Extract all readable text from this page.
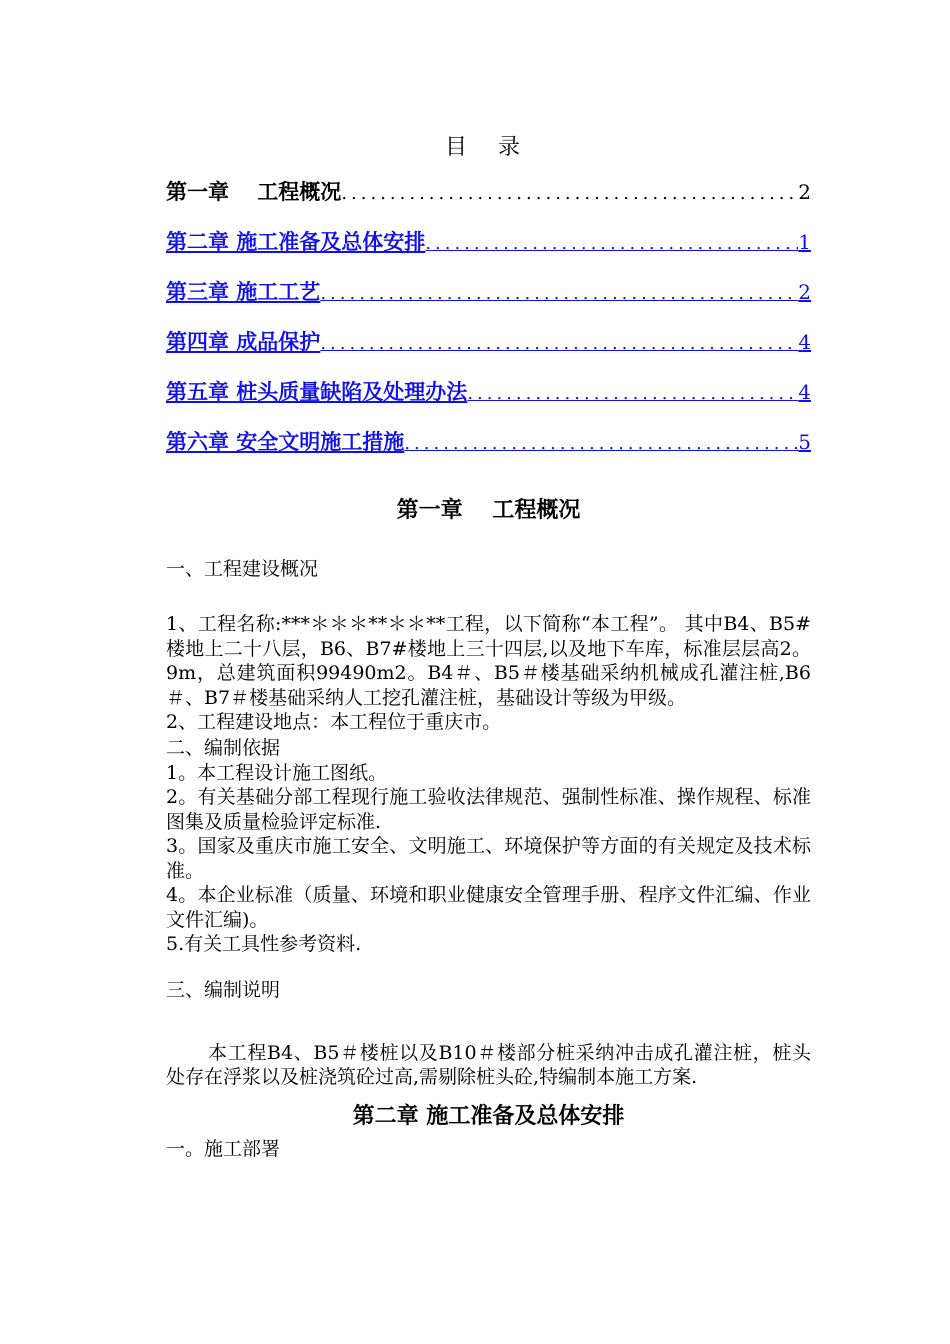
目 录
第一章　 工程概况 .....	2
第二章 施工准备及总体安排 .....	1
第三章 施工工艺 .....	2
第四章 成品保护 .....	4
第五章 桩头质量缺陷及处理办法 .....	4
第六章 安全文明施工措施 .....	5
第一章　 工程概况

一、工程建设概况

1、工程名称:***＊＊＊**＊＊**工程，以下简称“本工程”。 其中B4、B5#楼地上二十八层，B6、B7#楼地上三十四层,以及地下车库，标准层层高2。9m，总建筑面积99490m2。B4＃、B5＃楼基础采纳机械成孔灌注桩,B6＃、B7＃楼基础采纳人工挖孔灌注桩，基础设计等级为甲级。

2、工程建设地点：本工程位于重庆市。

二、编制依据

1。本工程设计施工图纸。

2。有关基础分部工程现行施工验收法律规范、强制性标准、操作规程、标准图集及质量检验评定标准.

3。国家及重庆市施工安全、文明施工、环境保护等方面的有关规定及技术标准。

4。本企业标准（质量、环境和职业健康安全管理手册、程序文件汇编、作业文件汇编)。

5.有关工具性参考资料.

三、编制说明

本工程B4、B5＃楼桩以及B10＃楼部分桩采纳冲击成孔灌注桩，桩头处存在浮浆以及桩浇筑砼过高,需剔除桩头砼,特编制本施工方案.

第二章 施工准备及总体安排

一。施工部署
